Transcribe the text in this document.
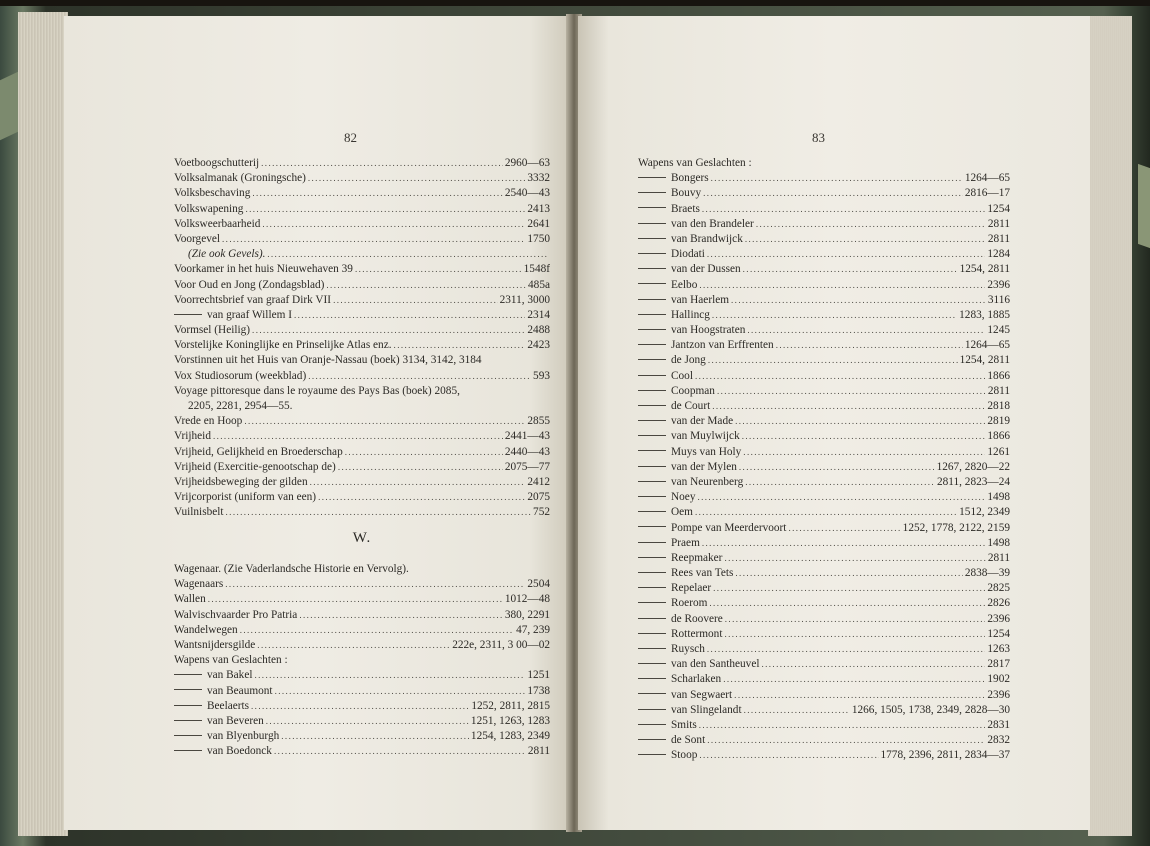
82
Voetboogschutterij .....	2960—63
Volksalmanak (Groningsche) .....	3332
Volksbeschaving .....	2540—43
Volkswapening .....	2413
Volksweerbaarheid .....	2641
Voorgevel .....	1750
(Zie ook Gevels).
.....
Voorkamer in het huis Nieuwehaven 39 .....	1548f
Voor Oud en Jong (Zondagsblad) .....	485a
Voorrechtsbrief van graaf Dirk VII .....	2311, 3000
van graaf Willem I .....	2314
Vormsel (Heilig) .....	2488
Vorstelijke Koninglijke en Prinselijke Atlas enz. .....	2423
Vorstinnen uit het Huis van Oranje-Nassau (boek) 3134, 3142, 3184
Vox Studiosorum (weekblad) .....	593
Voyage pittoresque dans le royaume des Pays Bas (boek) 2085,
2205, 2281, 2954—55.
Vrede en Hoop .....	2855
Vrijheid .....	2441—43
Vrijheid, Gelijkheid en Broederschap .....	2440—43
Vrijheid (Exercitie-genootschap de) .....	2075—77
Vrijheidsbeweging der gilden .....	2412
Vrijcorporist (uniform van een) .....	2075
Vuilnisbelt .....	752
W.
Wagenaar. (Zie Vaderlandsche Historie en Vervolg).
Wagenaars .....	2504
Wallen .....	1012—48
Walvischvaarder Pro Patria .....	380, 2291
Wandelwegen .....	47, 239
Wantsnijdersgilde .....	222e, 2311, 3 00—02
Wapens van Geslachten :
van Bakel .....	1251
van Beaumont .....	1738
Beelaerts .....	1252, 2811, 2815
van Beveren .....	1251, 1263, 1283
van Blyenburgh .....	1254, 1283, 2349
van Boedonck .....	2811
83
Wapens van Geslachten :
Bongers .....	1264—65
Bouvy .....	2816—17
Braets .....	1254
van den Brandeler .....	2811
van Brandwijck .....	2811
Diodati .....	1284
van der Dussen .....	1254, 2811
Eelbo .....	2396
van Haerlem .....	3116
Hallincg .....	1283, 1885
van Hoogstraten .....	1245
Jantzon van Erffrenten .....	1264—65
de Jong .....	1254, 2811
Cool .....	1866
Coopman .....	2811
de Court .....	2818
van der Made .....	2819
van Muylwijck .....	1866
Muys van Holy .....	1261
van der Mylen .....	1267, 2820—22
van Neurenberg .....	2811, 2823—24
Noey .....	1498
Oem .....	1512, 2349
Pompe van Meerdervoort .....	1252, 1778, 2122, 2159
Praem .....	1498
Reepmaker .....	2811
Rees van Tets .....	2838—39
Repelaer .....	2825
Roerom .....	2826
de Roovere .....	2396
Rottermont .....	1254
Ruysch .....	1263
van den Santheuvel .....	2817
Scharlaken .....	1902
van Segwaert .....	2396
van Slingelandt .....	1266, 1505, 1738, 2349, 2828—30
Smits .....	2831
de Sont .....	2832
Stoop .....	1778, 2396, 2811, 2834—37
